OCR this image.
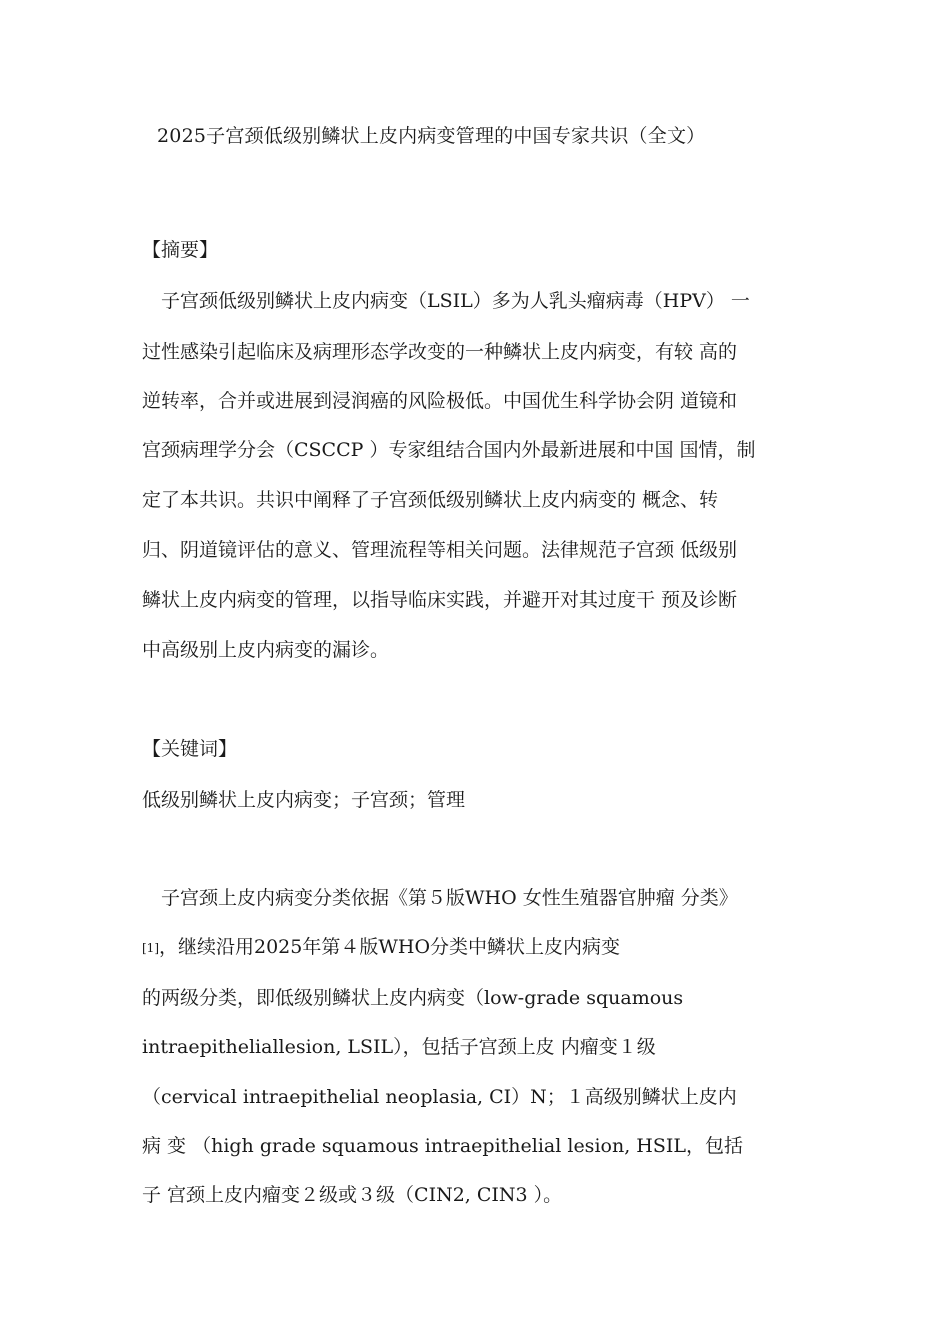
2025子宫颈低级别鳞状上皮内病变管理的中国专家共识（全文）
【摘要】
　子宫颈低级别鳞状上皮内病变（LSIL）多为人乳头瘤病毒（HPV） 一
过性感染引起临床及病理形态学改变的一种鳞状上皮内病变，有较 高的
逆转率，合并或进展到浸润癌的风险极低。中国优生科学协会阴 道镜和
宫颈病理学分会（CSCCP ）专家组结合国内外最新进展和中国 国情，制
定了本共识。共识中阐释了子宫颈低级别鳞状上皮内病变的 概念、转
归、阴道镜评估的意义、管理流程等相关问题。法律规范子宫颈 低级别
鳞状上皮内病变的管理，以指导临床实践，并避开对其过度干 预及诊断
中高级别上皮内病变的漏诊。
【关键词】
低级别鳞状上皮内病变；子宫颈；管理
　子宫颈上皮内病变分类依据《第５版WHO 女性生殖器官肿瘤 分类》
[1]，继续沿用2025年第４版WHO分类中鳞状上皮内病变
的两级分类，即低级别鳞状上皮内病变（low-grade squamous
intraepitheliallesion, LSIL），包括子宫颈上皮 内瘤变１级
（cervical intraepithelial neoplasia, CI）N；１高级别鳞状上皮内
病 变 （high grade squamous intraepithelial lesion, HSIL，包括
子 宫颈上皮内瘤变２级或３级（CIN2, CIN3 ）。
